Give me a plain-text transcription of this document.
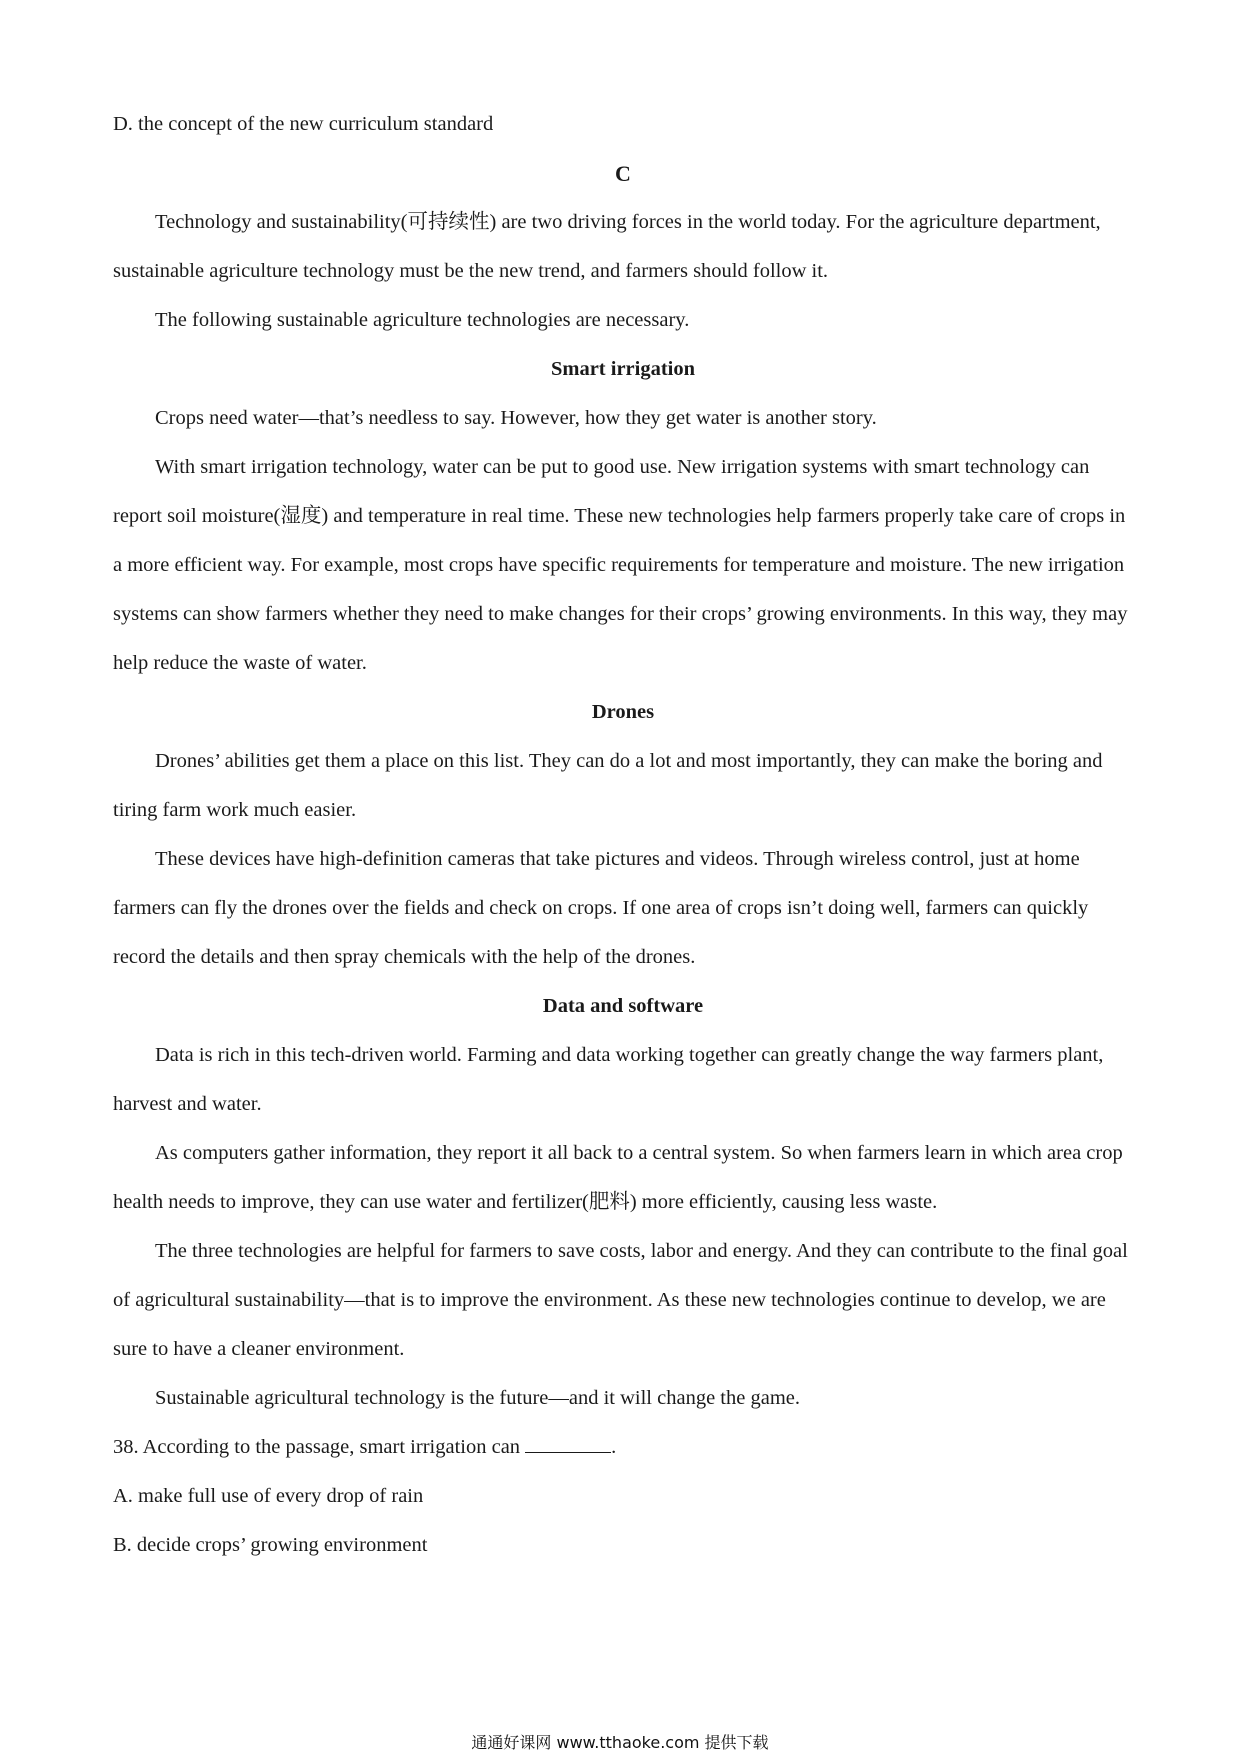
D. the concept of the new curriculum standard

C

Technology and sustainability(可持续性) are two driving forces in the world today. For the agriculture department, sustainable agriculture technology must be the new trend, and farmers should follow it.

The following sustainable agriculture technologies are necessary.

Smart irrigation

Crops need water—that’s needless to say. However, how they get water is another story.

With smart irrigation technology, water can be put to good use. New irrigation systems with smart technology can report soil moisture(湿度) and temperature in real time. These new technologies help farmers properly take care of crops in a more efficient way. For example, most crops have specific requirements for temperature and moisture. The new irrigation systems can show farmers whether they need to make changes for their crops’ growing environments. In this way, they may help reduce the waste of water.

Drones

Drones’ abilities get them a place on this list. They can do a lot and most importantly, they can make the boring and tiring farm work much easier.

These devices have high-definition cameras that take pictures and videos. Through wireless control, just at home farmers can fly the drones over the fields and check on crops. If one area of crops isn’t doing well, farmers can quickly record the details and then spray chemicals with the help of the drones.

Data and software

Data is rich in this tech-driven world. Farming and data working together can greatly change the way farmers plant, harvest and water.

As computers gather information, they report it all back to a central system. So when farmers learn in which area crop health needs to improve, they can use water and fertilizer(肥料) more efficiently, causing less waste.

The three technologies are helpful for farmers to save costs, labor and energy. And they can contribute to the final goal of agricultural sustainability—that is to improve the environment. As these new technologies continue to develop, we are sure to have a cleaner environment.

Sustainable agricultural technology is the future—and it will change the game.

38. According to the passage, smart irrigation can	.

A. make full use of every drop of rain

B. decide crops’ growing environment

通通好课网 www.tthaoke.com 提供下载
